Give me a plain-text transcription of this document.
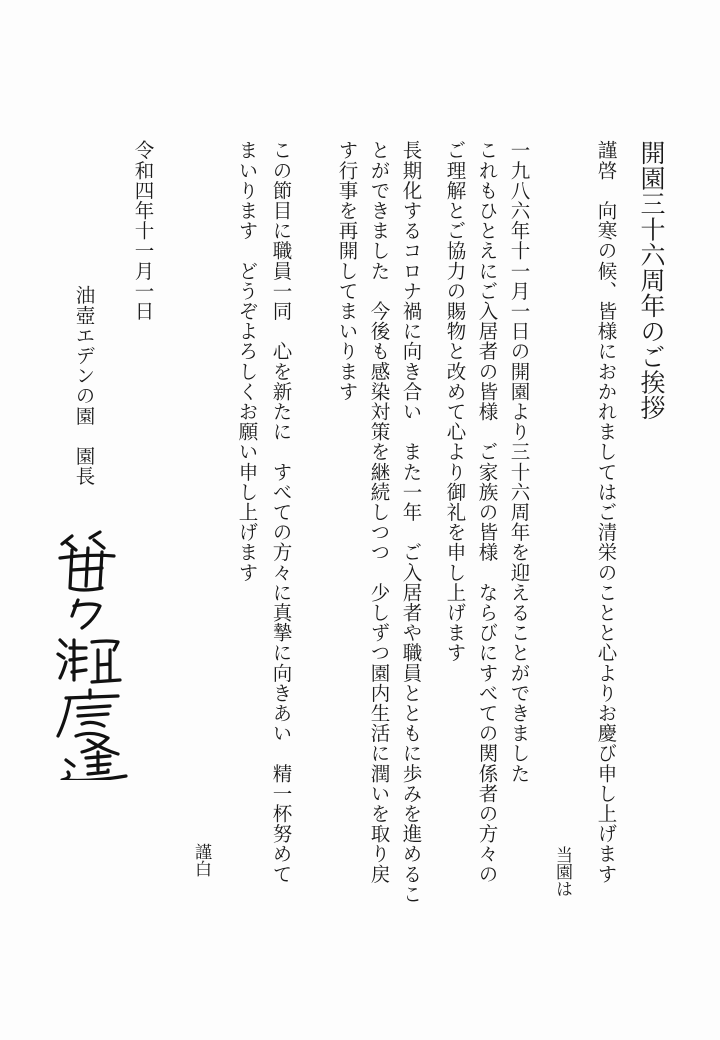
開園三十六周年のご挨拶
謹啓　向寒の候、皆様におかれましてはご清栄のことと心よりお慶び申し上げます
当園は
一九八六年十一月一日の開園より三十六周年を迎えることができました
これもひとえにご入居者の皆様　ご家族の皆様　ならびにすべての関係者の方々の
ご理解とご協力の賜物と改めて心より御礼を申し上げます
長期化するコロナ禍に向き合い　また一年　ご入居者や職員とともに歩みを進めるこ
とができました　今後も感染対策を継続しつつ　少しずつ園内生活に潤いを取り戻
す行事を再開してまいります
この節目に職員一同　心を新たに　すべての方々に真摯に向きあい　精一杯努めて
まいります　どうぞよろしくお願い申し上げます
謹白
令和四年十一月一日
油壺エデンの園　園長
